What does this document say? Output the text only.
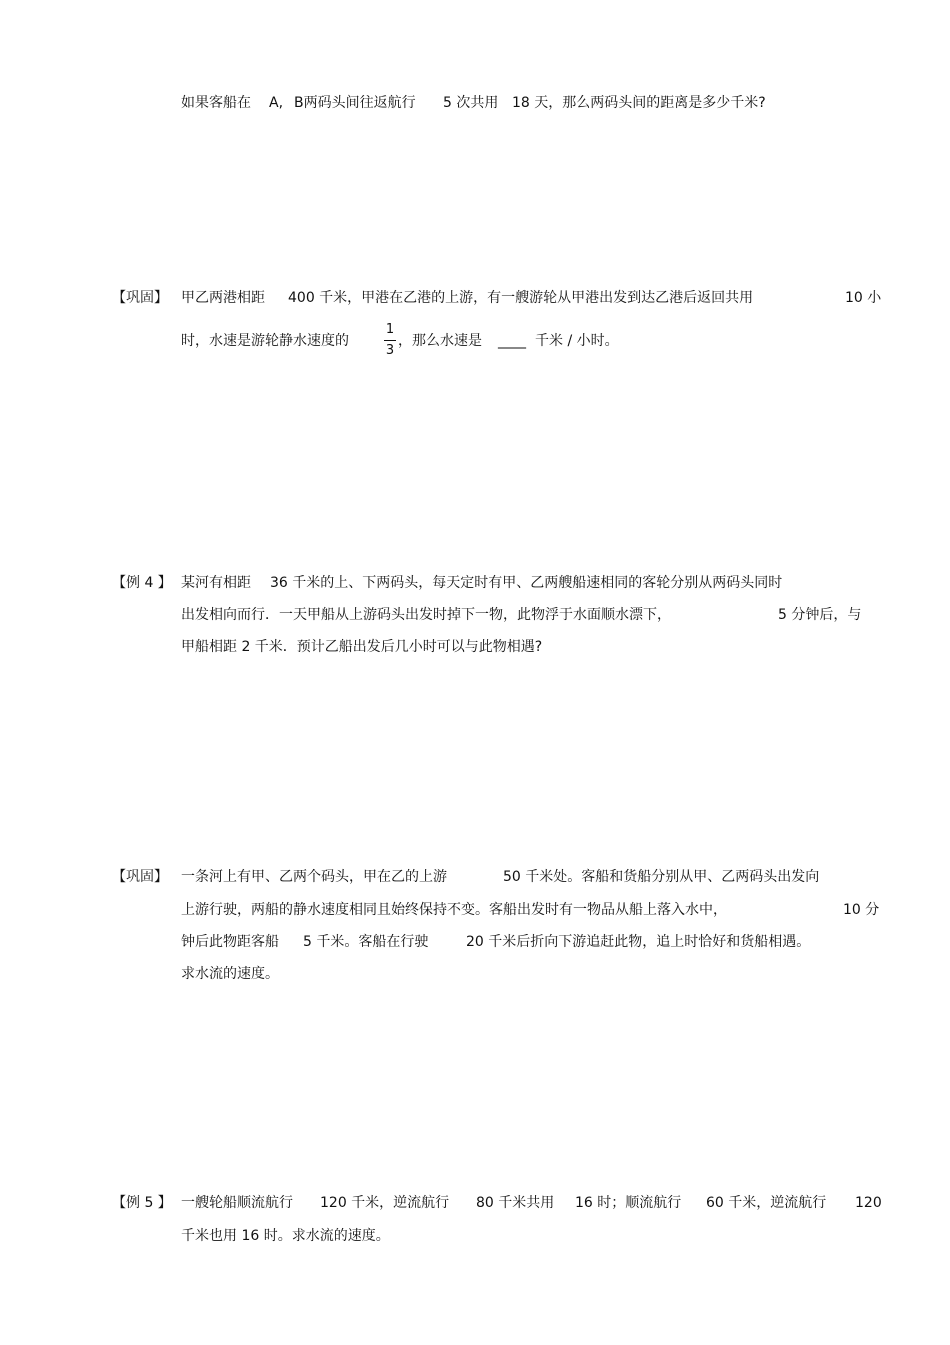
如果客船在 A, B两码头间往返航行 5 次共用 18 天，那么两码头间的距离是多少千米?
【巩固】 甲乙两港相距 400 千米，甲港在乙港的上游，有一艘游轮从甲港出发到达乙港后返回共用	10 小
时，水速是游轮静水速度的
1
3
，那么水速是 ____ 千米 / 小时。
【例 4 】 某河有相距 36 千米的上、下两码头，每天定时有甲、乙两艘船速相同的客轮分别从两码头同时
出发相向而行．一天甲船从上游码头出发时掉下一物，此物浮于水面顺水漂下，	5 分钟后，与
甲船相距 2 千米．预计乙船出发后几小时可以与此物相遇?
【巩固】 一条河上有甲、乙两个码头，甲在乙的上游	50 千米处。客船和货船分别从甲、乙两码头出发向
上游行驶，两船的静水速度相同且始终保持不变。客船出发时有一物品从船上落入水中，	10 分
钟后此物距客船 5 千米。客船在行驶	20 千米后折向下游追赶此物，追上时恰好和货船相遇。
求水流的速度。
【例 5 】 一艘轮船顺流航行 120 千米，逆流航行 80 千米共用 16 时；顺流航行 60 千米，逆流航行 120
千米也用 16 时。求水流的速度。
